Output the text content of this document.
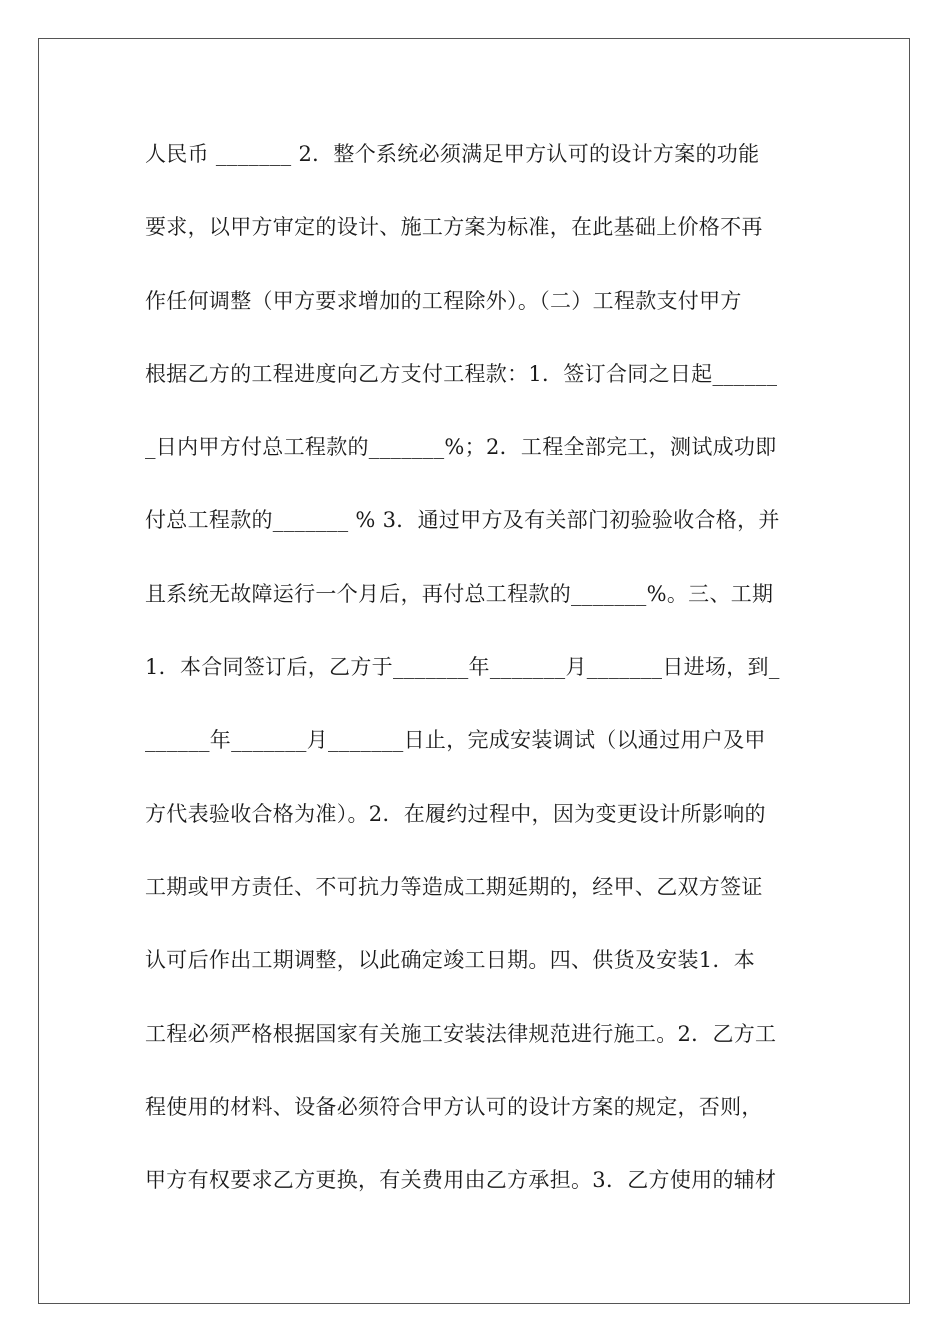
人民币 _______ 2．整个系统必须满足甲方认可的设计方案的功能
要求，以甲方审定的设计、施工方案为标准，在此基础上价格不再
作任何调整（甲方要求增加的工程除外）。（二）工程款支付甲方
根据乙方的工程进度向乙方支付工程款：1．签订合同之日起______
_日内甲方付总工程款的_______%；2．工程全部完工，测试成功即
付总工程款的_______ % 3．通过甲方及有关部门初验验收合格，并
且系统无故障运行一个月后，再付总工程款的_______%。三、工期
1．本合同签订后，乙方于_______年_______月_______日进场，到_
______年_______月_______日止，完成安装调试（以通过用户及甲
方代表验收合格为准）。2．在履约过程中，因为变更设计所影响的
工期或甲方责任、不可抗力等造成工期延期的，经甲、乙双方签证
认可后作出工期调整，以此确定竣工日期。四、供货及安装1．本
工程必须严格根据国家有关施工安装法律规范进行施工。2．乙方工
程使用的材料、设备必须符合甲方认可的设计方案的规定，否则，
甲方有权要求乙方更换，有关费用由乙方承担。3．乙方使用的辅材
